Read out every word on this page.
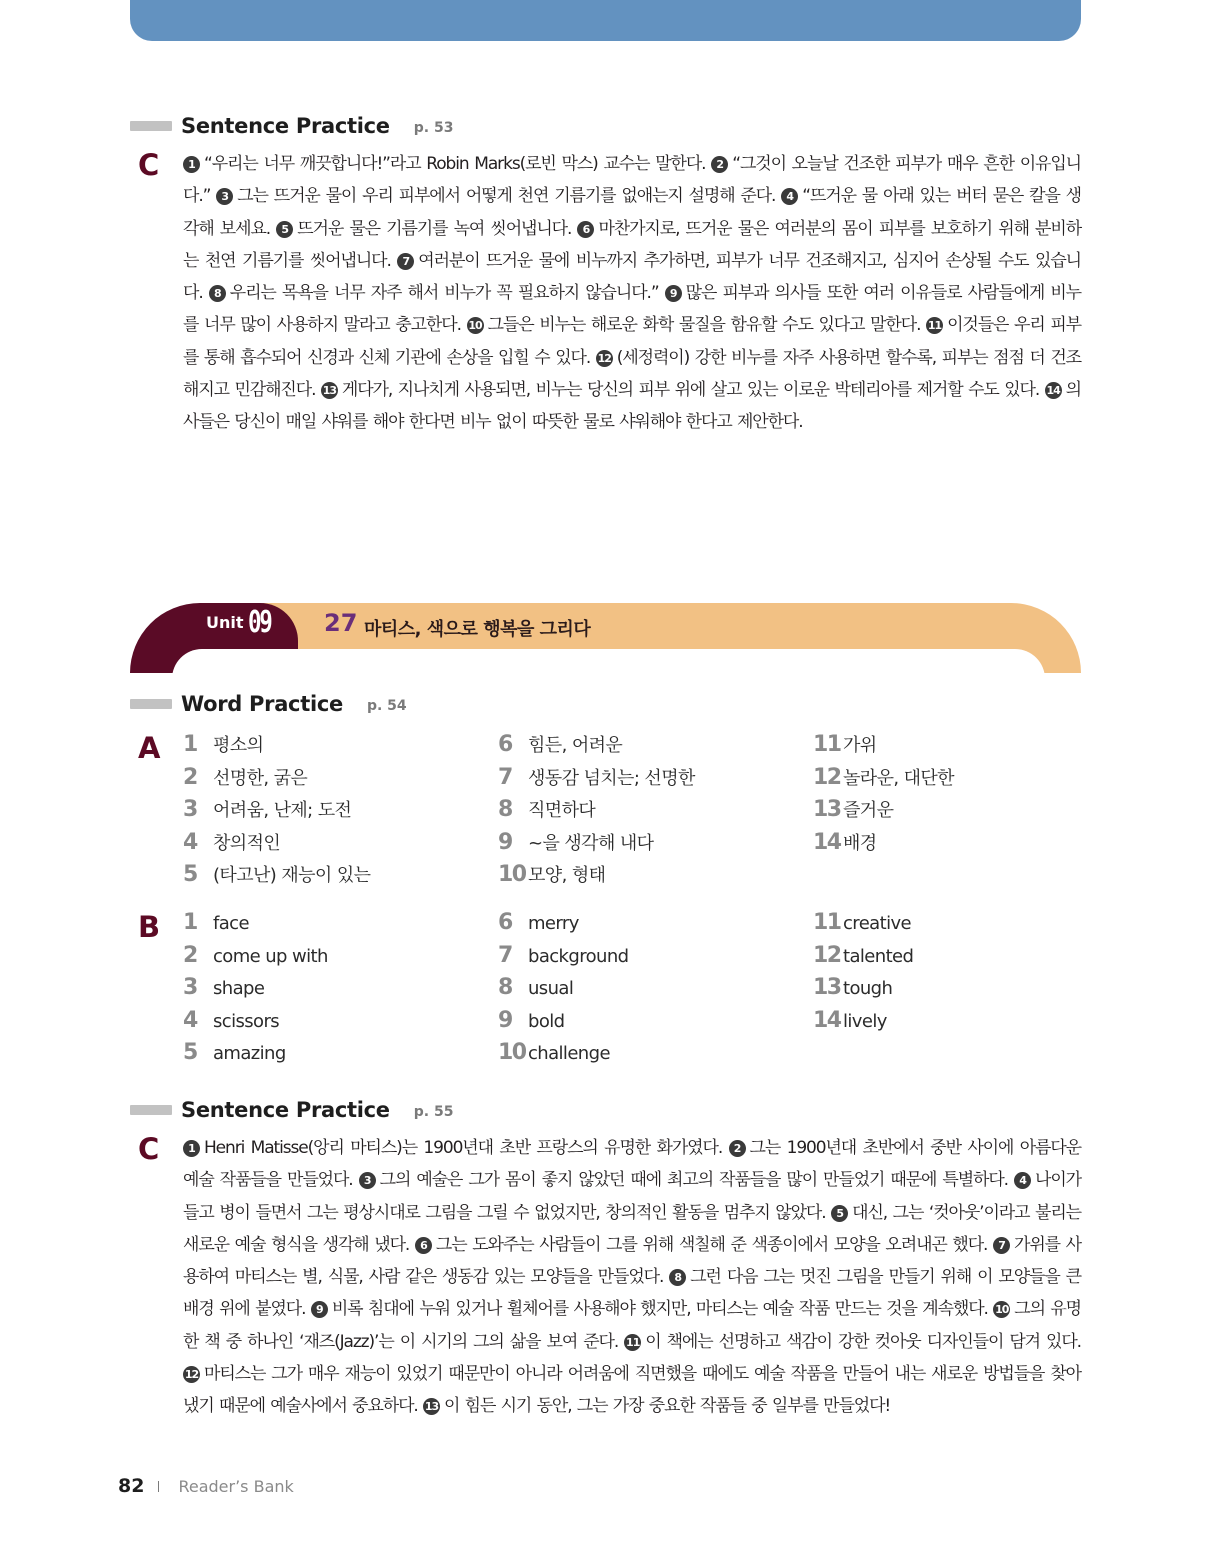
Sentence Practice p. 53
C	1 “우리는 너무 깨끗합니다!”라고 Robin Marks(로빈 막스) 교수는 말한다. 2 “그것이 오늘날 건조한 피부가 매우 흔한 이유입니다.” 3 그는 뜨거운 물이 우리 피부에서 어떻게 천연 기름기를 없애는지 설명해 준다. 4 “뜨거운 물 아래 있는 버터 묻은 칼을 생각해 보세요. 5 뜨거운 물은 기름기를 녹여 씻어냅니다. 6 마찬가지로, 뜨거운 물은 여러분의 몸이 피부를 보호하기 위해 분비하는 천연 기름기를 씻어냅니다. 7 여러분이 뜨거운 물에 비누까지 추가하면, 피부가 너무 건조해지고, 심지어 손상될 수도 있습니다. 8 우리는 목욕을 너무 자주 해서 비누가 꼭 필요하지 않습니다.” 9 많은 피부과 의사들 또한 여러 이유들로 사람들에게 비누를 너무 많이 사용하지 말라고 충고한다. 10 그들은 비누는 해로운 화학 물질을 함유할 수도 있다고 말한다. 11 이것들은 우리 피부를 통해 흡수되어 신경과 신체 기관에 손상을 입힐 수 있다. 12 (세정력이) 강한 비누를 자주 사용하면 할수록, 피부는 점점 더 건조해지고 민감해진다. 13 게다가, 지나치게 사용되면, 비누는 당신의 피부 위에 살고 있는 이로운 박테리아를 제거할 수도 있다. 14 의사들은 당신이 매일 샤워를 해야 한다면 비누 없이 따뜻한 물로 샤워해야 한다고 제안한다.
Unit 09 27 마티스, 색으로 행복을 그리다
Word Practice p. 54
A 1 평소의
2 선명한, 굵은
3 어려움, 난제; 도전
4 창의적인
5 (타고난) 재능이 있는
6 힘든, 어려운
7 생동감 넘치는; 선명한
8 직면하다
9 ~을 생각해 내다
10 모양, 형태
11 가위
12 놀라운, 대단한
13 즐거운
14 배경
B 1 face
2 come up with
3 shape
4 scissors
5 amazing
6 merry
7 background
8 usual
9 bold
10 challenge
11 creative
12 talented
13 tough
14 lively
Sentence Practice p. 55
C	1 Henri Matisse(앙리 마티스)는 1900년대 초반 프랑스의 유명한 화가였다. 2 그는 1900년대 초반에서 중반 사이에 아름다운 예술 작품들을 만들었다. 3 그의 예술은 그가 몸이 좋지 않았던 때에 최고의 작품들을 많이 만들었기 때문에 특별하다. 4 나이가 들고 병이 들면서 그는 평상시대로 그림을 그릴 수 없었지만, 창의적인 활동을 멈추지 않았다. 5 대신, 그는 ‘컷아웃’이라고 불리는 새로운 예술 형식을 생각해 냈다. 6 그는 도와주는 사람들이 그를 위해 색칠해 준 색종이에서 모양을 오려내곤 했다. 7 가위를 사용하여 마티스는 별, 식물, 사람 같은 생동감 있는 모양들을 만들었다. 8 그런 다음 그는 멋진 그림을 만들기 위해 이 모양들을 큰 배경 위에 붙였다. 9 비록 침대에 누워 있거나 휠체어를 사용해야 했지만, 마티스는 예술 작품 만드는 것을 계속했다. 10 그의 유명한 책 중 하나인 ‘재즈(Jazz)’는 이 시기의 그의 삶을 보여 준다. 11 이 책에는 선명하고 색감이 강한 컷아웃 디자인들이 담겨 있다. 12 마티스는 그가 매우 재능이 있었기 때문만이 아니라 어려움에 직면했을 때에도 예술 작품을 만들어 내는 새로운 방법들을 찾아냈기 때문에 예술사에서 중요하다. 13 이 힘든 시기 동안, 그는 가장 중요한 작품들 중 일부를 만들었다!
82 Reader’s Bank
